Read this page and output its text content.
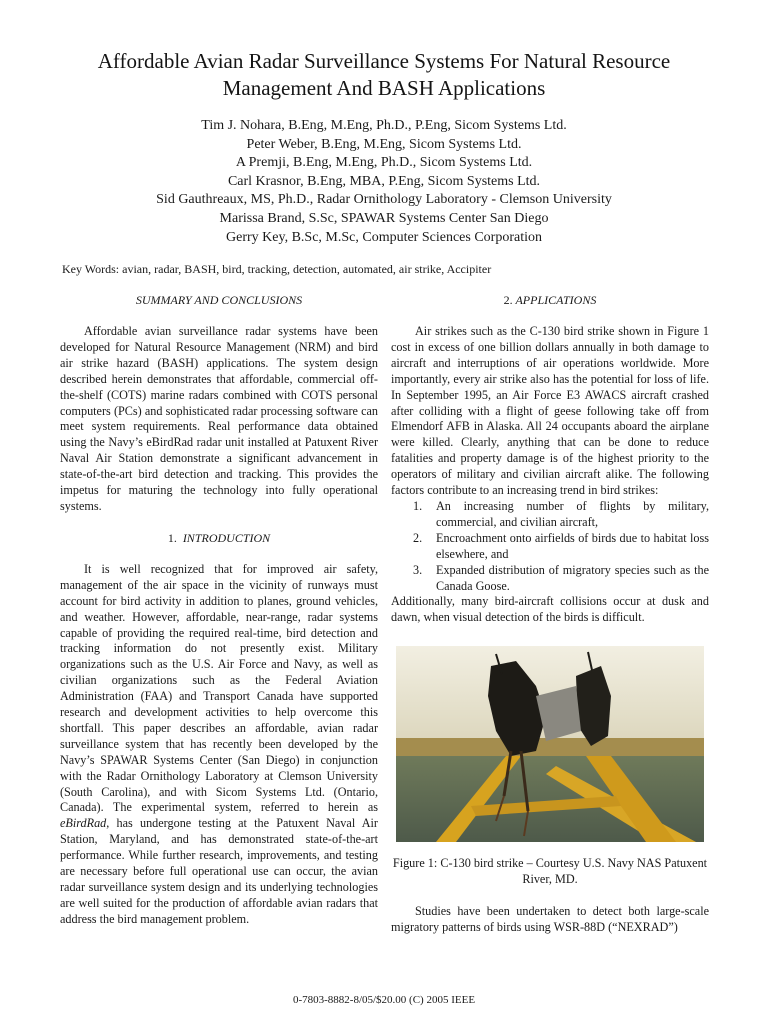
Affordable Avian Radar Surveillance Systems For Natural Resource
Management And BASH Applications
Tim J. Nohara, B.Eng, M.Eng, Ph.D., P.Eng, Sicom Systems Ltd.
Peter Weber, B.Eng, M.Eng, Sicom Systems Ltd.
A Premji, B.Eng, M.Eng, Ph.D., Sicom Systems Ltd.
Carl Krasnor, B.Eng, MBA, P.Eng, Sicom Systems Ltd.
Sid Gauthreaux, MS, Ph.D., Radar Ornithology Laboratory - Clemson University
Marissa Brand, S.Sc, SPAWAR Systems Center San Diego
Gerry Key, B.Sc, M.Sc, Computer Sciences Corporation
Key Words: avian, radar, BASH, bird, tracking, detection, automated, air strike, Accipiter
SUMMARY AND CONCLUSIONS

Affordable avian surveillance radar systems have been developed for Natural Resource Management (NRM) and bird air strike hazard (BASH) applications. The system design described herein demonstrates that affordable, commercial off-the-shelf (COTS) marine radars combined with COTS personal computers (PCs) and sophisticated radar processing software can meet system requirements. Real performance data obtained using the Navy’s eBirdRad radar unit installed at Patuxent River Naval Air Station demonstrate a significant advancement in state-of-the-art bird detection and tracking. This provides the impetus for maturing the technology into fully operational systems.

1. INTRODUCTION

It is well recognized that for improved air safety, management of the air space in the vicinity of runways must account for bird activity in addition to planes, ground vehicles, and weather. However, affordable, near-range, radar systems capable of providing the required real-time, bird detection and tracking information do not presently exist. Military organizations such as the U.S. Air Force and Navy, as well as civilian organizations such as the Federal Aviation Administration (FAA) and Transport Canada have supported research and development activities to help overcome this shortfall. This paper describes an affordable, avian radar surveillance system that has recently been developed by the Navy’s SPAWAR Systems Center (San Diego) in conjunction with the Radar Ornithology Laboratory at Clemson University (South Carolina), and with Sicom Systems Ltd. (Ontario, Canada). The experimental system, referred to herein as eBirdRad, has undergone testing at the Patuxent Naval Air Station, Maryland, and has demonstrated state-of-the-art performance. While further research, improvements, and testing are necessary before full operational use can occur, the avian radar surveillance system design and its underlying technologies are well suited for the production of affordable avian radars that address the bird management problem.

2. APPLICATIONS

Air strikes such as the C-130 bird strike shown in Figure 1 cost in excess of one billion dollars annually in both damage to aircraft and interruptions of air operations worldwide. More importantly, every air strike also has the potential for loss of life. In September 1995, an Air Force E3 AWACS aircraft crashed after colliding with a flight of geese following take off from Elmendorf AFB in Alaska. All 24 occupants aboard the airplane were killed. Clearly, anything that can be done to reduce fatalities and property damage is of the highest priority to the operators of military and civilian aircraft alike. The following factors contribute to an increasing trend in bird strikes:

1. An increasing number of flights by military, commercial, and civilian aircraft,
2. Encroachment onto airfields of birds due to habitat loss elsewhere, and
3. Expanded distribution of migratory species such as the Canada Goose.

Additionally, many bird-aircraft collisions occur at dusk and dawn, when visual detection of the birds is difficult.

Figure 1: C-130 bird strike – Courtesy U.S. Navy NAS Patuxent River, MD.

Studies have been undertaken to detect both large-scale migratory patterns of birds using WSR-88D (“NEXRAD”)

0-7803-8882-8/05/$20.00 (C) 2005 IEEE
